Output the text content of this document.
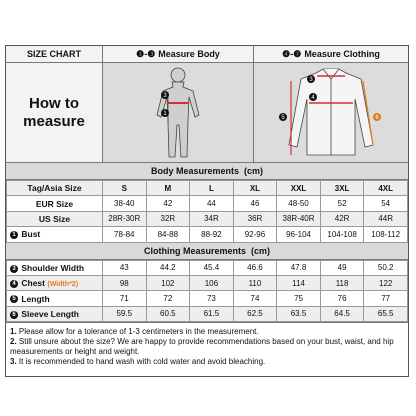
SIZE CHART
How to
measure
❶-❸ Measure Body
3
1
❹-❼ Measure Clothing
3
4
5	6
Body Measurements  (cm)
Tag/Asia Size	S	M	L	XL	XXL	3XL	4XL
EUR Size	38-40	42	44	46	48-50	52	54
US Size	28R-30R	32R	34R	36R	38R-40R	42R	44R
1 Bust	78-84	84-88	88-92	92-96	96-104	104-108	108-112
Clothing Measurements  (cm)
3 Shoulder Width	43	44.2	45.4	46.6	47.8	49	50.2
4 Chest (Width*2)	98	102	106	110	114	118	122
5 Length	71	72	73	74	75	76	77
6 Sleeve Length	59.5	60.5	61.5	62.5	63.5	64.5	65.5

1. Please allow for a tolerance of 1-3 centimeters in the measurement.

2. Still unsure about the size? We are happy to provide recommendations based on your bust, waist, and hip measurements or height and weight.

3. It is recommended to hand wash with cold water and avoid bleaching.
